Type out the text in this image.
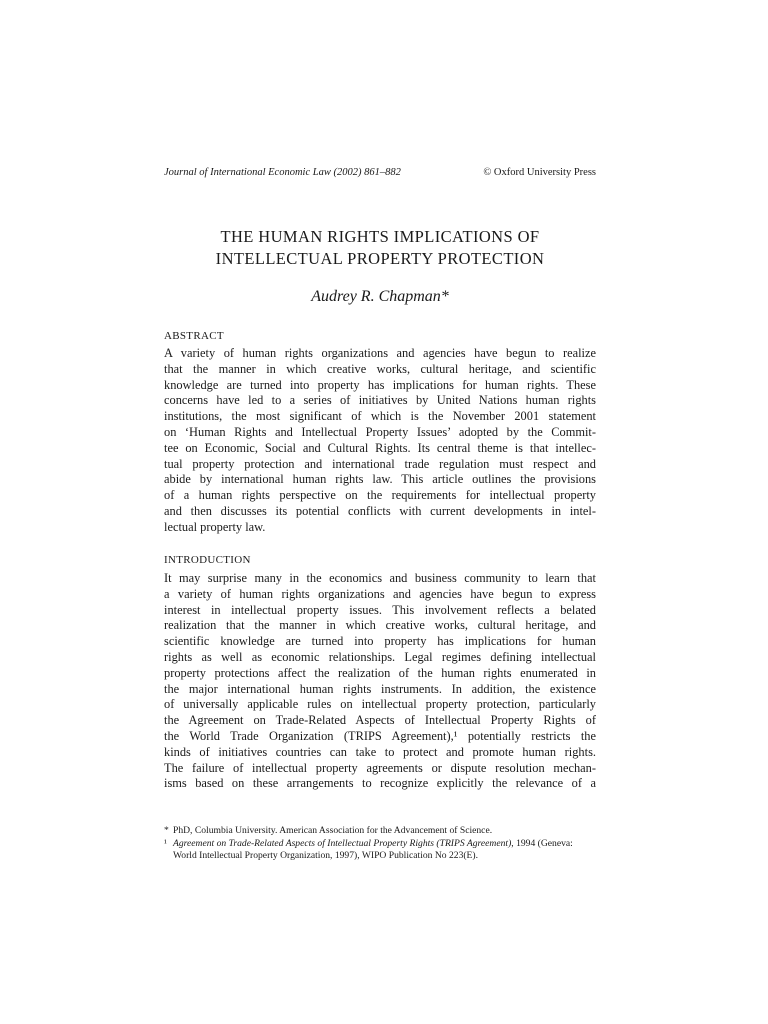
Journal of International Economic Law (2002) 861–882	© Oxford University Press
THE HUMAN RIGHTS IMPLICATIONS OF
INTELLECTUAL PROPERTY PROTECTION
Audrey R. Chapman*
ABSTRACT
A variety of human rights organizations and agencies have begun to realize
that the manner in which creative works, cultural heritage, and scientific
knowledge are turned into property has implications for human rights. These
concerns have led to a series of initiatives by United Nations human rights
institutions, the most significant of which is the November 2001 statement
on ‘Human Rights and Intellectual Property Issues’ adopted by the Commit-
tee on Economic, Social and Cultural Rights. Its central theme is that intellec-
tual property protection and international trade regulation must respect and
abide by international human rights law. This article outlines the provisions
of a human rights perspective on the requirements for intellectual property
and then discusses its potential conflicts with current developments in intel-
lectual property law.
INTRODUCTION
It may surprise many in the economics and business community to learn that
a variety of human rights organizations and agencies have begun to express
interest in intellectual property issues. This involvement reflects a belated
realization that the manner in which creative works, cultural heritage, and
scientific knowledge are turned into property has implications for human
rights as well as economic relationships. Legal regimes defining intellectual
property protections affect the realization of the human rights enumerated in
the major international human rights instruments. In addition, the existence
of universally applicable rules on intellectual property protection, particularly
the Agreement on Trade-Related Aspects of Intellectual Property Rights of
the World Trade Organization (TRIPS Agreement),¹ potentially restricts the
kinds of initiatives countries can take to protect and promote human rights.
The failure of intellectual property agreements or dispute resolution mechan-
isms based on these arrangements to recognize explicitly the relevance of a
* PhD, Columbia University. American Association for the Advancement of Science.
¹ Agreement on Trade-Related Aspects of Intellectual Property Rights (TRIPS Agreement), 1994 (Geneva:
World Intellectual Property Organization, 1997), WIPO Publication No 223(E).
